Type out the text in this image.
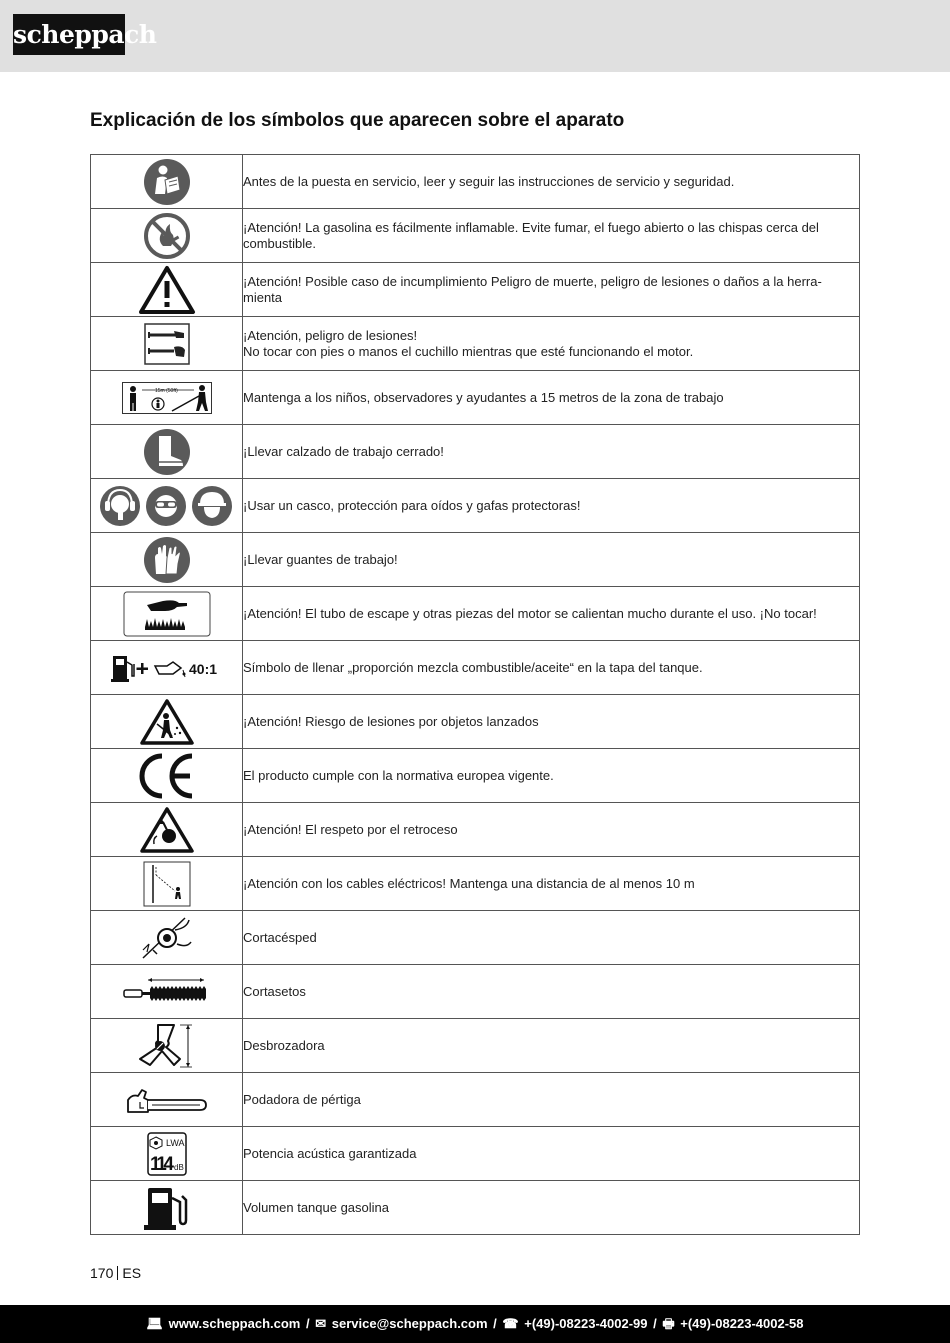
scheppach
Explicación de los símbolos que aparecen sobre el aparato
	Antes de la puesta en servicio, leer y seguir las instrucciones de servicio y seguridad.
	¡Atención! La gasolina es fácilmente inflamable. Evite fumar, el fuego abierto o las chispas cerca del combustible.
	¡Atención! Posible caso de incumplimiento Peligro de muerte, peligro de lesiones o daños a la herra-mienta
	¡Atención, peligro de lesiones!
No tocar con pies o manos el cuchillo mientras que esté funcionando el motor.

15m (50ft)	Mantenga a los niños, observadores y ayudantes a 15 metros de la zona de trabajo
	¡Llevar calzado de trabajo cerrado!
	¡Usar un casco, protección para oídos y gafas protectoras!
	¡Llevar guantes de trabajo!
	¡Atención! El tubo de escape y otras piezas del motor se calientan mucho durante el uso. ¡No tocar!

40:1	Símbolo de llenar „proporción mezcla combustible/aceite“ en la tapa del tanque.
	¡Atención! Riesgo de lesiones por objetos lanzados
	El producto cumple con la normativa europea vigente.
	¡Atención! El respeto por el retroceso
	¡Atención con los cables eléctricos! Mantenga una distancia de al menos 10 m
	Cortacésped
	Cortasetos
	Desbrozadora
	Podadora de pértiga

LWA
114 dB	Potencia acústica garantizada
	Volumen tanque gasolina
170 ES
💻︎ www.scheppach.com / ✉︎ service@scheppach.com / ☎︎ +(49)-08223-4002-99 / 🖶︎ +(49)-08223-4002-58
